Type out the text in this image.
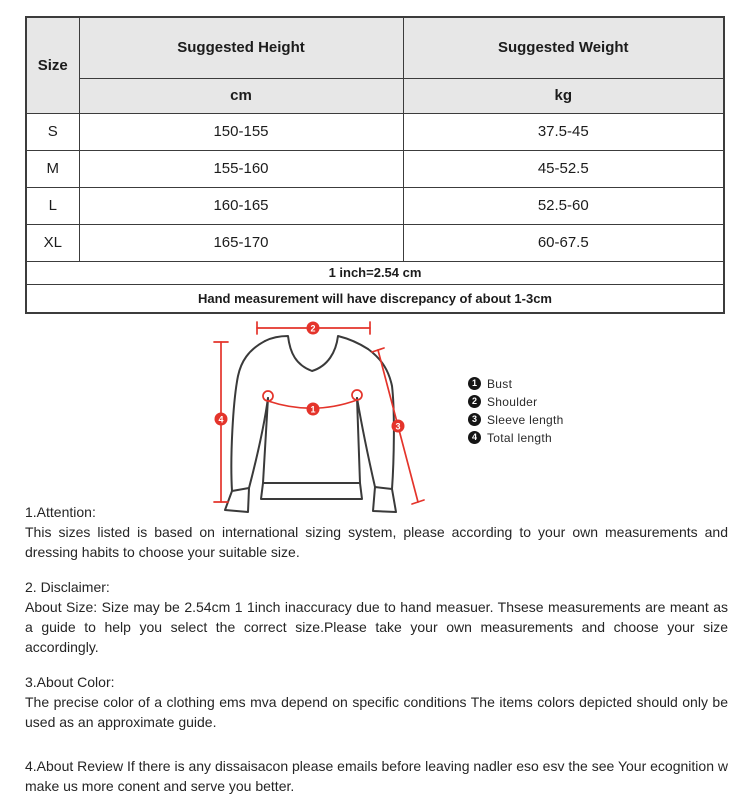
Size	Suggested Height	Suggested Weight
	cm	kg
S	150-155	37.5-45
M	155-160	45-52.5
L	160-165	52.5-60
XL	165-170	60-67.5
1 inch=2.54 cm		
Hand measurement will have discrepancy of about 1-3cm		
2
4
3
1
1 Bust
2 Shoulder
3 Sleeve length
4 Total length
1.Attention:
This sizes listed is based on international sizing system, please according to your own measurements and dressing habits to choose your suitable size.
2. Disclaimer:
About Size: Size may be 2.54cm 1 1inch inaccuracy due to hand measuer. Thsese measurements are meant as a guide to help you select the correct size.Please take your own measurements and choose your size accordingly.
3.About Color:
The precise color of a clothing ems mva depend on specific conditions The items colors depicted should only be used as an approximate guide.
4.About Review If there is any dissaisacon please emails before leaving nadler eso esv the see Your ecognition w make us more conent and serve you better.
